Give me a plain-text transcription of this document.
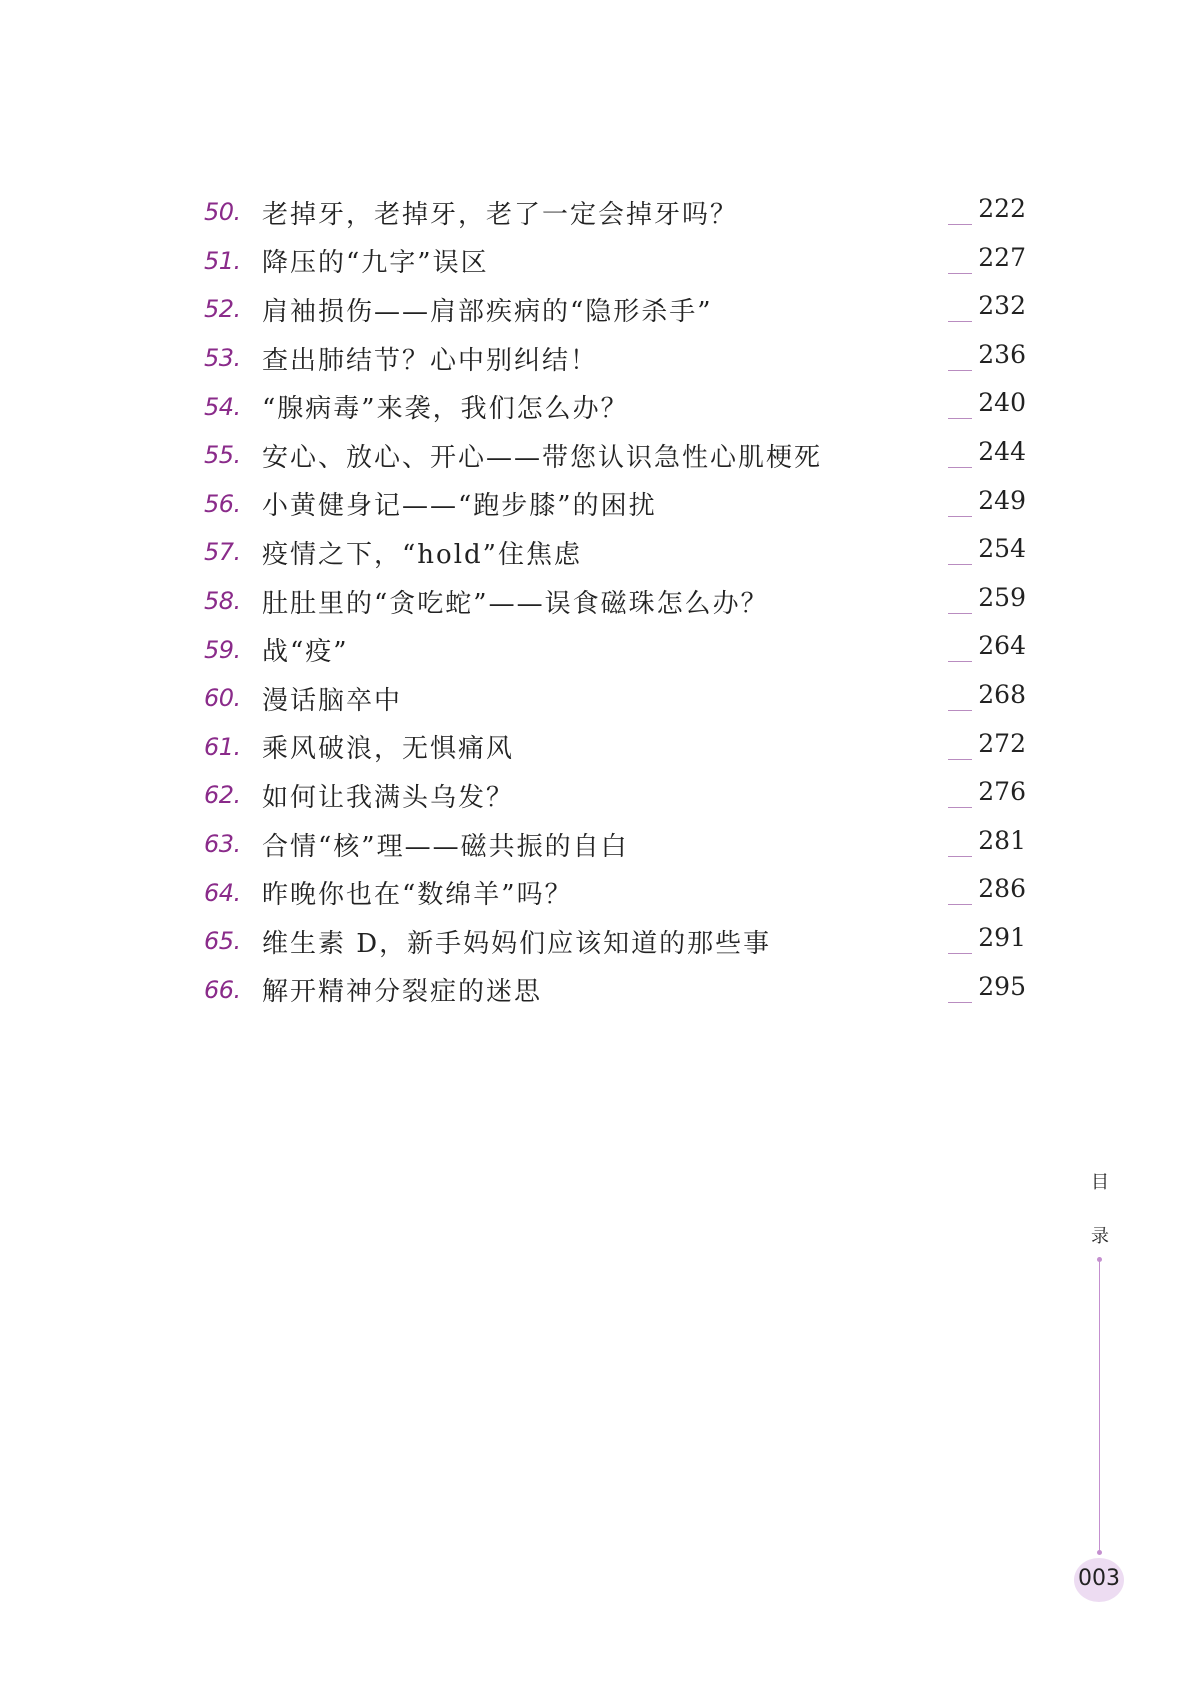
50. 老掉牙，老掉牙，老了一定会掉牙吗？	222
51. 降压的“九字”误区	227
52. 肩袖损伤——肩部疾病的“隐形杀手”	232
53. 查出肺结节？心中别纠结！	236
54. “腺病毒”来袭，我们怎么办？	240
55. 安心、放心、开心——带您认识急性心肌梗死	244
56. 小黄健身记——“跑步膝”的困扰	249
57. 疫情之下，“hold”住焦虑	254
58. 肚肚里的“贪吃蛇”——误食磁珠怎么办？	259
59. 战“疫”	264
60. 漫话脑卒中	268
61. 乘风破浪，无惧痛风	272
62. 如何让我满头乌发？	276
63. 合情“核”理——磁共振的自白	281
64. 昨晚你也在“数绵羊”吗？	286
65. 维生素 D，新手妈妈们应该知道的那些事	291
66. 解开精神分裂症的迷思	295
目
录
003
